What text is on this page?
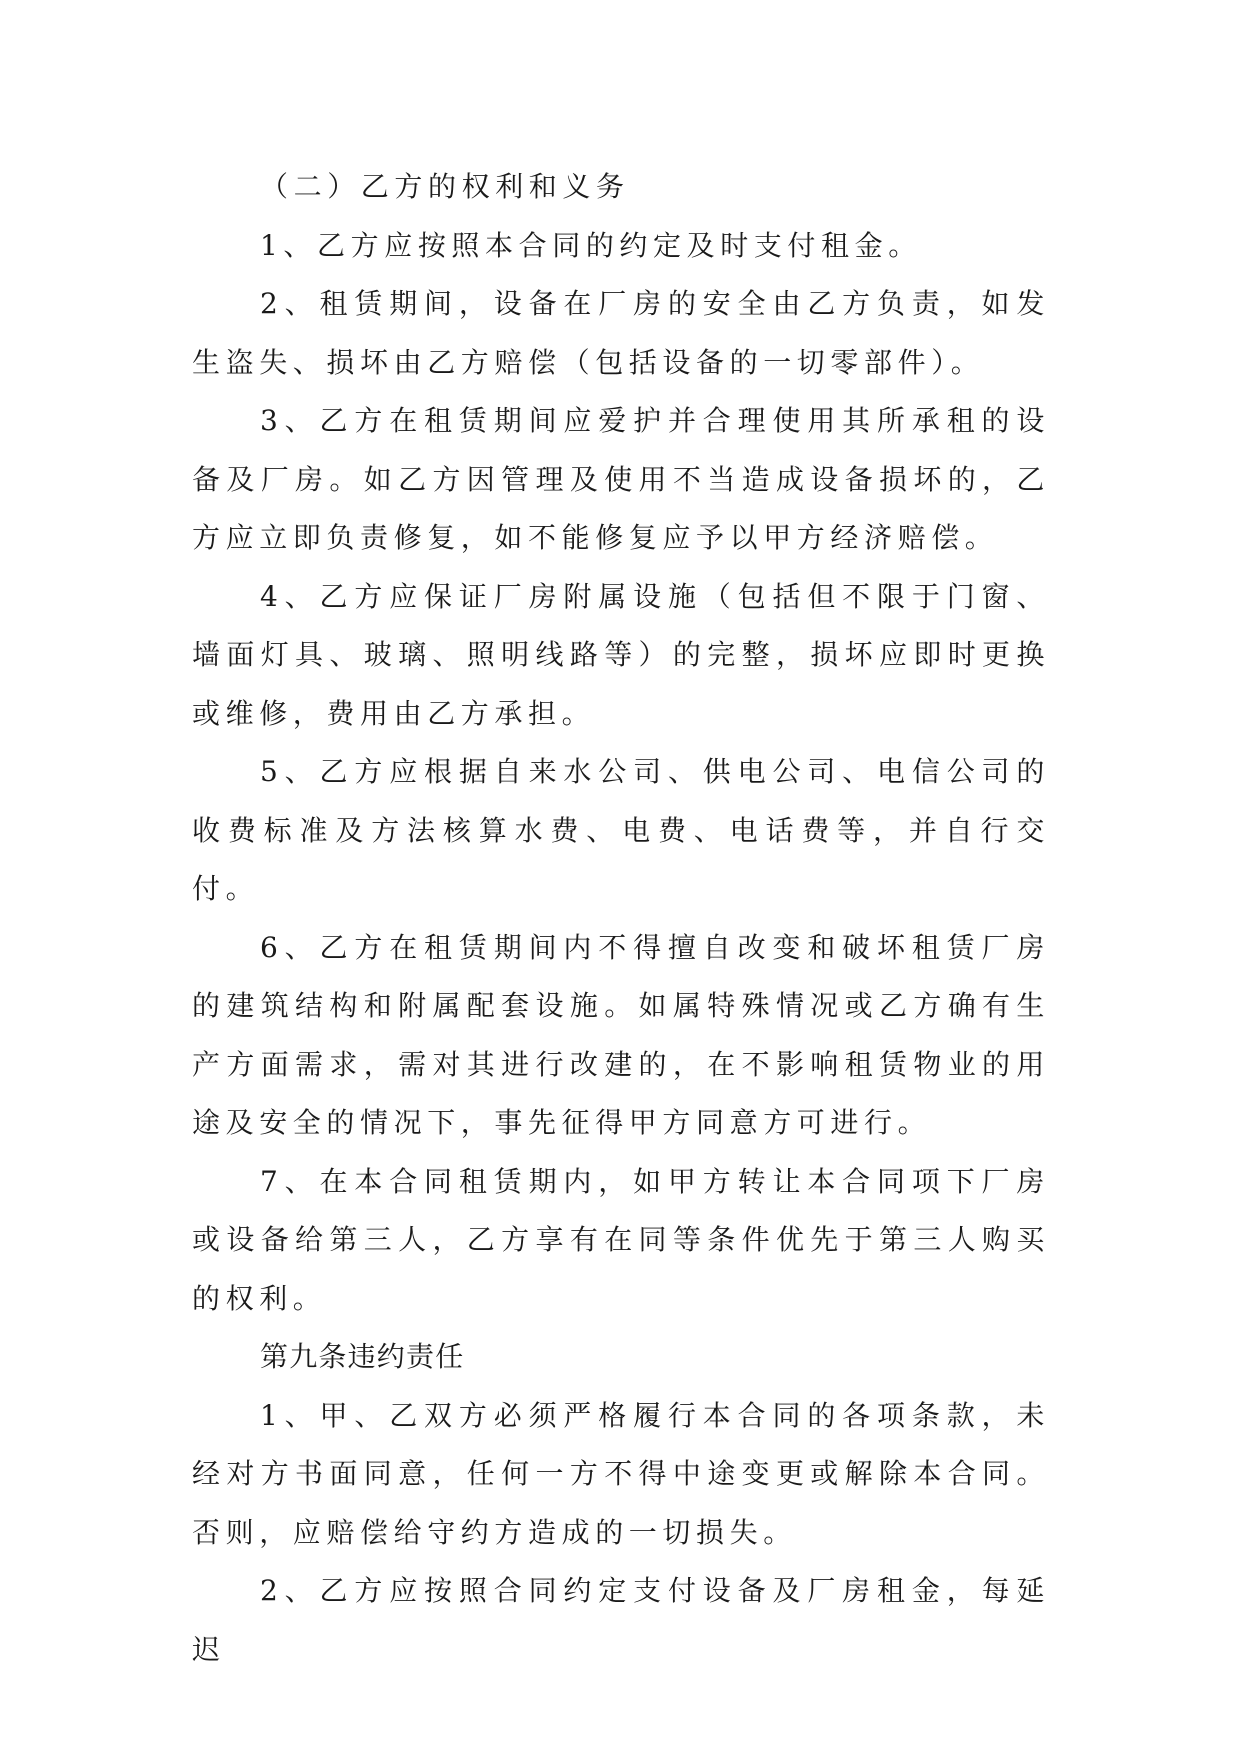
（二）乙方的权利和义务

1、乙方应按照本合同的约定及时支付租金。

2、租赁期间，设备在厂房的安全由乙方负责，如发生盗失、损坏由乙方赔偿（包括设备的一切零部件）。

3、乙方在租赁期间应爱护并合理使用其所承租的设备及厂房。如乙方因管理及使用不当造成设备损坏的，乙方应立即负责修复，如不能修复应予以甲方经济赔偿。

4、乙方应保证厂房附属设施（包括但不限于门窗、墙面灯具、玻璃、照明线路等）的完整，损坏应即时更换或维修，费用由乙方承担。

5、乙方应根据自来水公司、供电公司、电信公司的收费标准及方法核算水费、电费、电话费等，并自行交付。

6、乙方在租赁期间内不得擅自改变和破坏租赁厂房的建筑结构和附属配套设施。如属特殊情况或乙方确有生产方面需求，需对其进行改建的，在不影响租赁物业的用途及安全的情况下，事先征得甲方同意方可进行。

7、在本合同租赁期内，如甲方转让本合同项下厂房或设备给第三人，乙方享有在同等条件优先于第三人购买的权利。

第九条违约责任

1、甲、乙双方必须严格履行本合同的各项条款，未经对方书面同意，任何一方不得中途变更或解除本合同。否则，应赔偿给守约方造成的一切损失。

2、乙方应按照合同约定支付设备及厂房租金，每延迟
